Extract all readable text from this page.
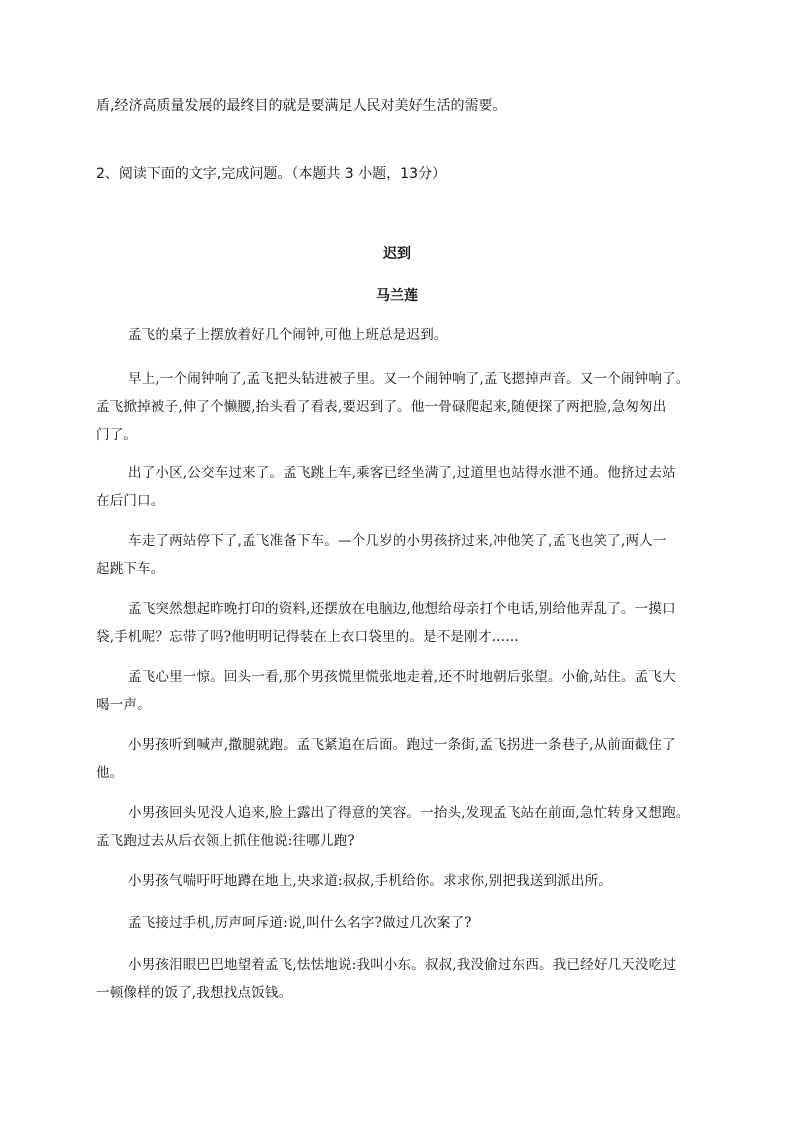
盾,经济高质量发展的最终目的就是要满足人民对美好生活的需要。

2、阅读下面的文字,完成问题。（本题共 3 小题，13分）

迟到
马兰莲

孟飞的桌子上摆放着好几个闹钟,可他上班总是迟到。

早上,一个闹钟响了,孟飞把头钻进被子里。又一个闹钟响了,孟飞摁掉声音。又一个闹钟响了。

孟飞掀掉被子,伸了个懒腰,抬头看了看表,要迟到了。他一骨碌爬起来,随便探了两把脸,急匆匆出

门了。

出了小区,公交车过来了。孟飞跳上车,乘客已经坐满了,过道里也站得水泄不通。他挤过去站

在后门口。

车走了两站停下了,孟飞准备下车。—个几岁的小男孩挤过来,冲他笑了,孟飞也笑了,两人一

起跳下车。

孟飞突然想起昨晚打印的资料,还摆放在电脑边,他想给母亲打个电话,别给他弄乱了。一摸口

袋,手机呢？忘带了吗?他明明记得装在上衣口袋里的。是不是刚才……

孟飞心里一惊。回头一看,那个男孩慌里慌张地走着,还不时地朝后张望。小偷,站住。孟飞大

喝一声。

小男孩听到喊声,撒腿就跑。孟飞紧追在后面。跑过一条街,孟飞拐进一条巷子,从前面截住了

他。

小男孩回头见没人追来,脸上露出了得意的笑容。一抬头,发现孟飞站在前面,急忙转身又想跑。

孟飞跑过去从后衣领上抓住他说:往哪儿跑?

小男孩气喘吁吁地蹲在地上,央求道:叔叔,手机给你。求求你,别把我送到派出所。

孟飞接过手机,厉声呵斥道:说,叫什么名字?做过几次案了?

小男孩泪眼巴巴地望着孟飞,怯怯地说:我叫小东。叔叔,我没偷过东西。我已经好几天没吃过

一顿像样的饭了,我想找点饭钱。
